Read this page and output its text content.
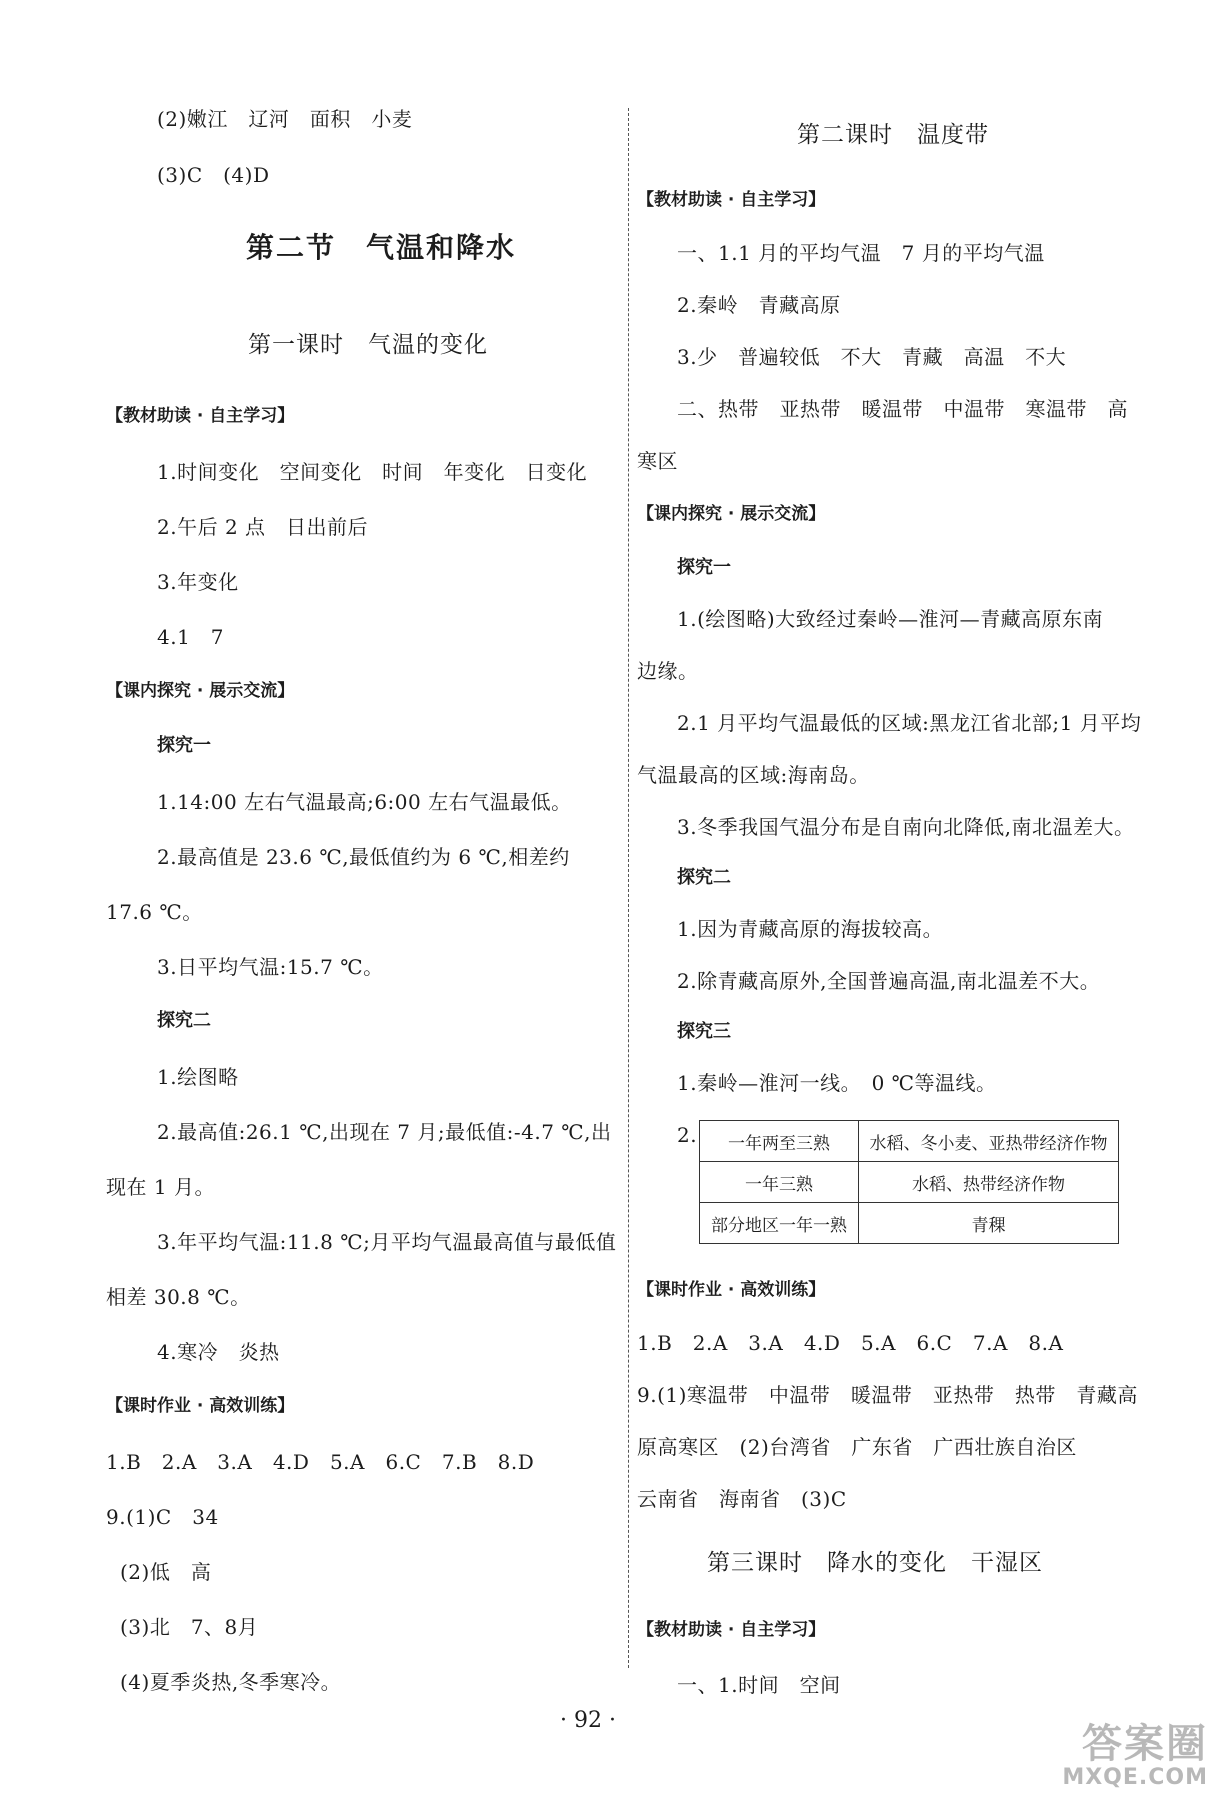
(2)嫩江　辽河　面积　小麦
(3)C　(4)D
第二节　气温和降水
第一课时　气温的变化
【教材助读 · 自主学习】
1.时间变化　空间变化　时间　年变化　日变化
2.午后 2 点　日出前后
3.年变化
4.1　7
【课内探究 · 展示交流】
探究一
1.14:00 左右气温最高;6:00 左右气温最低。
2.最高值是 23.6 ℃,最低值约为 6 ℃,相差约
17.6 ℃。
3.日平均气温:15.7 ℃。
探究二
1.绘图略
2.最高值:26.1 ℃,出现在 7 月;最低值:-4.7 ℃,出
现在 1 月。
3.年平均气温:11.8 ℃;月平均气温最高值与最低值
相差 30.8 ℃。
4.寒冷　炎热
【课时作业 · 高效训练】
1.B　2.A　3.A　4.D　5.A　6.C　7.B　8.D
9.(1)C　34
(2)低　高
(3)北　7、8月
(4)夏季炎热,冬季寒冷。
第二课时　温度带
【教材助读 · 自主学习】
一、1.1 月的平均气温　7 月的平均气温
2.秦岭　青藏高原
3.少　普遍较低　不大　青藏　高温　不大
二、热带　亚热带　暖温带　中温带　寒温带　高
寒区
【课内探究 · 展示交流】
探究一
1.(绘图略)大致经过秦岭—淮河—青藏高原东南
边缘。
2.1 月平均气温最低的区域:黑龙江省北部;1 月平均
气温最高的区域:海南岛。
3.冬季我国气温分布是自南向北降低,南北温差大。
探究二
1.因为青藏高原的海拔较高。
2.除青藏高原外,全国普遍高温,南北温差不大。
探究三
1.秦岭—淮河一线。　0 ℃等温线。
2.
【课时作业 · 高效训练】
1.B　2.A　3.A　4.D　5.A　6.C　7.A　8.A
9.(1)寒温带　中温带　暖温带　亚热带　热带　青藏高
原高寒区　(2)台湾省　广东省　广西壮族自治区
云南省　海南省　(3)C
第三课时　降水的变化　干湿区
【教材助读 · 自主学习】
一、1.时间　空间
一年两至三熟	水稻、冬小麦、亚热带经济作物
一年三熟	水稻、热带经济作物
部分地区一年一熟	青稞
· 92 ·
答案圈
MXQE.COM
